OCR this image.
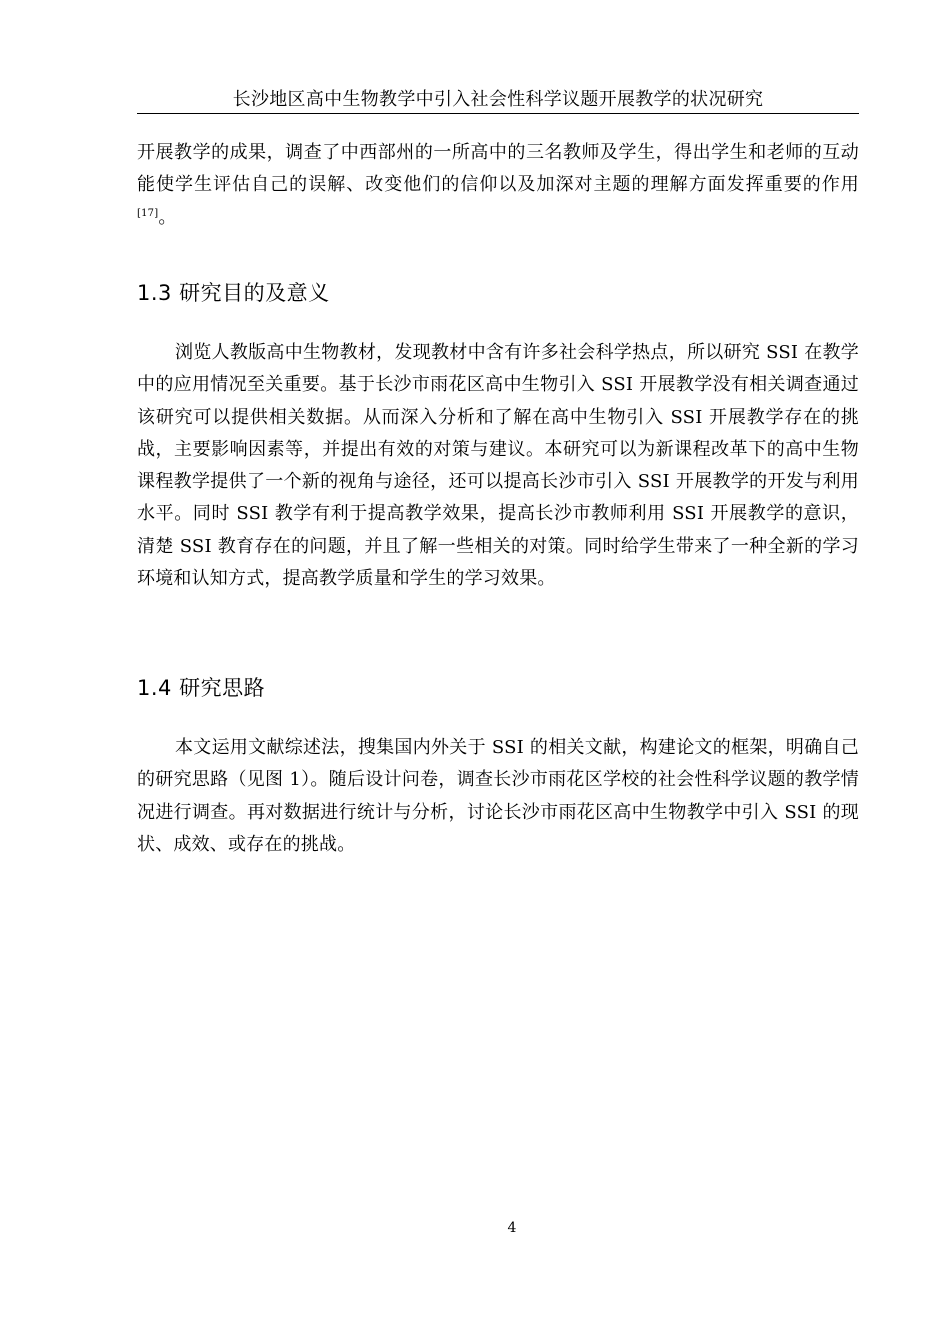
长沙地区高中生物教学中引入社会性科学议题开展教学的状况研究

开展教学的成果，调查了中西部州的一所高中的三名教师及学生，得出学生和老师的互动能使学生评估自己的误解、改变他们的信仰以及加深对主题的理解方面发挥重要的作用[17]。

1.3 研究目的及意义

浏览人教版高中生物教材，发现教材中含有许多社会科学热点，所以研究 SSI 在教学中的应用情况至关重要。基于长沙市雨花区高中生物引入 SSI 开展教学没有相关调查通过该研究可以提供相关数据。从而深入分析和了解在高中生物引入 SSI 开展教学存在的挑战，主要影响因素等，并提出有效的对策与建议。本研究可以为新课程改革下的高中生物课程教学提供了一个新的视角与途径，还可以提高长沙市引入 SSI 开展教学的开发与利用水平。同时 SSI 教学有利于提高教学效果，提高长沙市教师利用 SSI 开展教学的意识，清楚 SSI 教育存在的问题，并且了解一些相关的对策。同时给学生带来了一种全新的学习环境和认知方式，提高教学质量和学生的学习效果。

1.4 研究思路

本文运用文献综述法，搜集国内外关于 SSI 的相关文献，构建论文的框架，明确自己的研究思路（见图 1）。随后设计问卷，调查长沙市雨花区学校的社会性科学议题的教学情况进行调查。再对数据进行统计与分析，讨论长沙市雨花区高中生物教学中引入 SSI 的现状、成效、或存在的挑战。

4
